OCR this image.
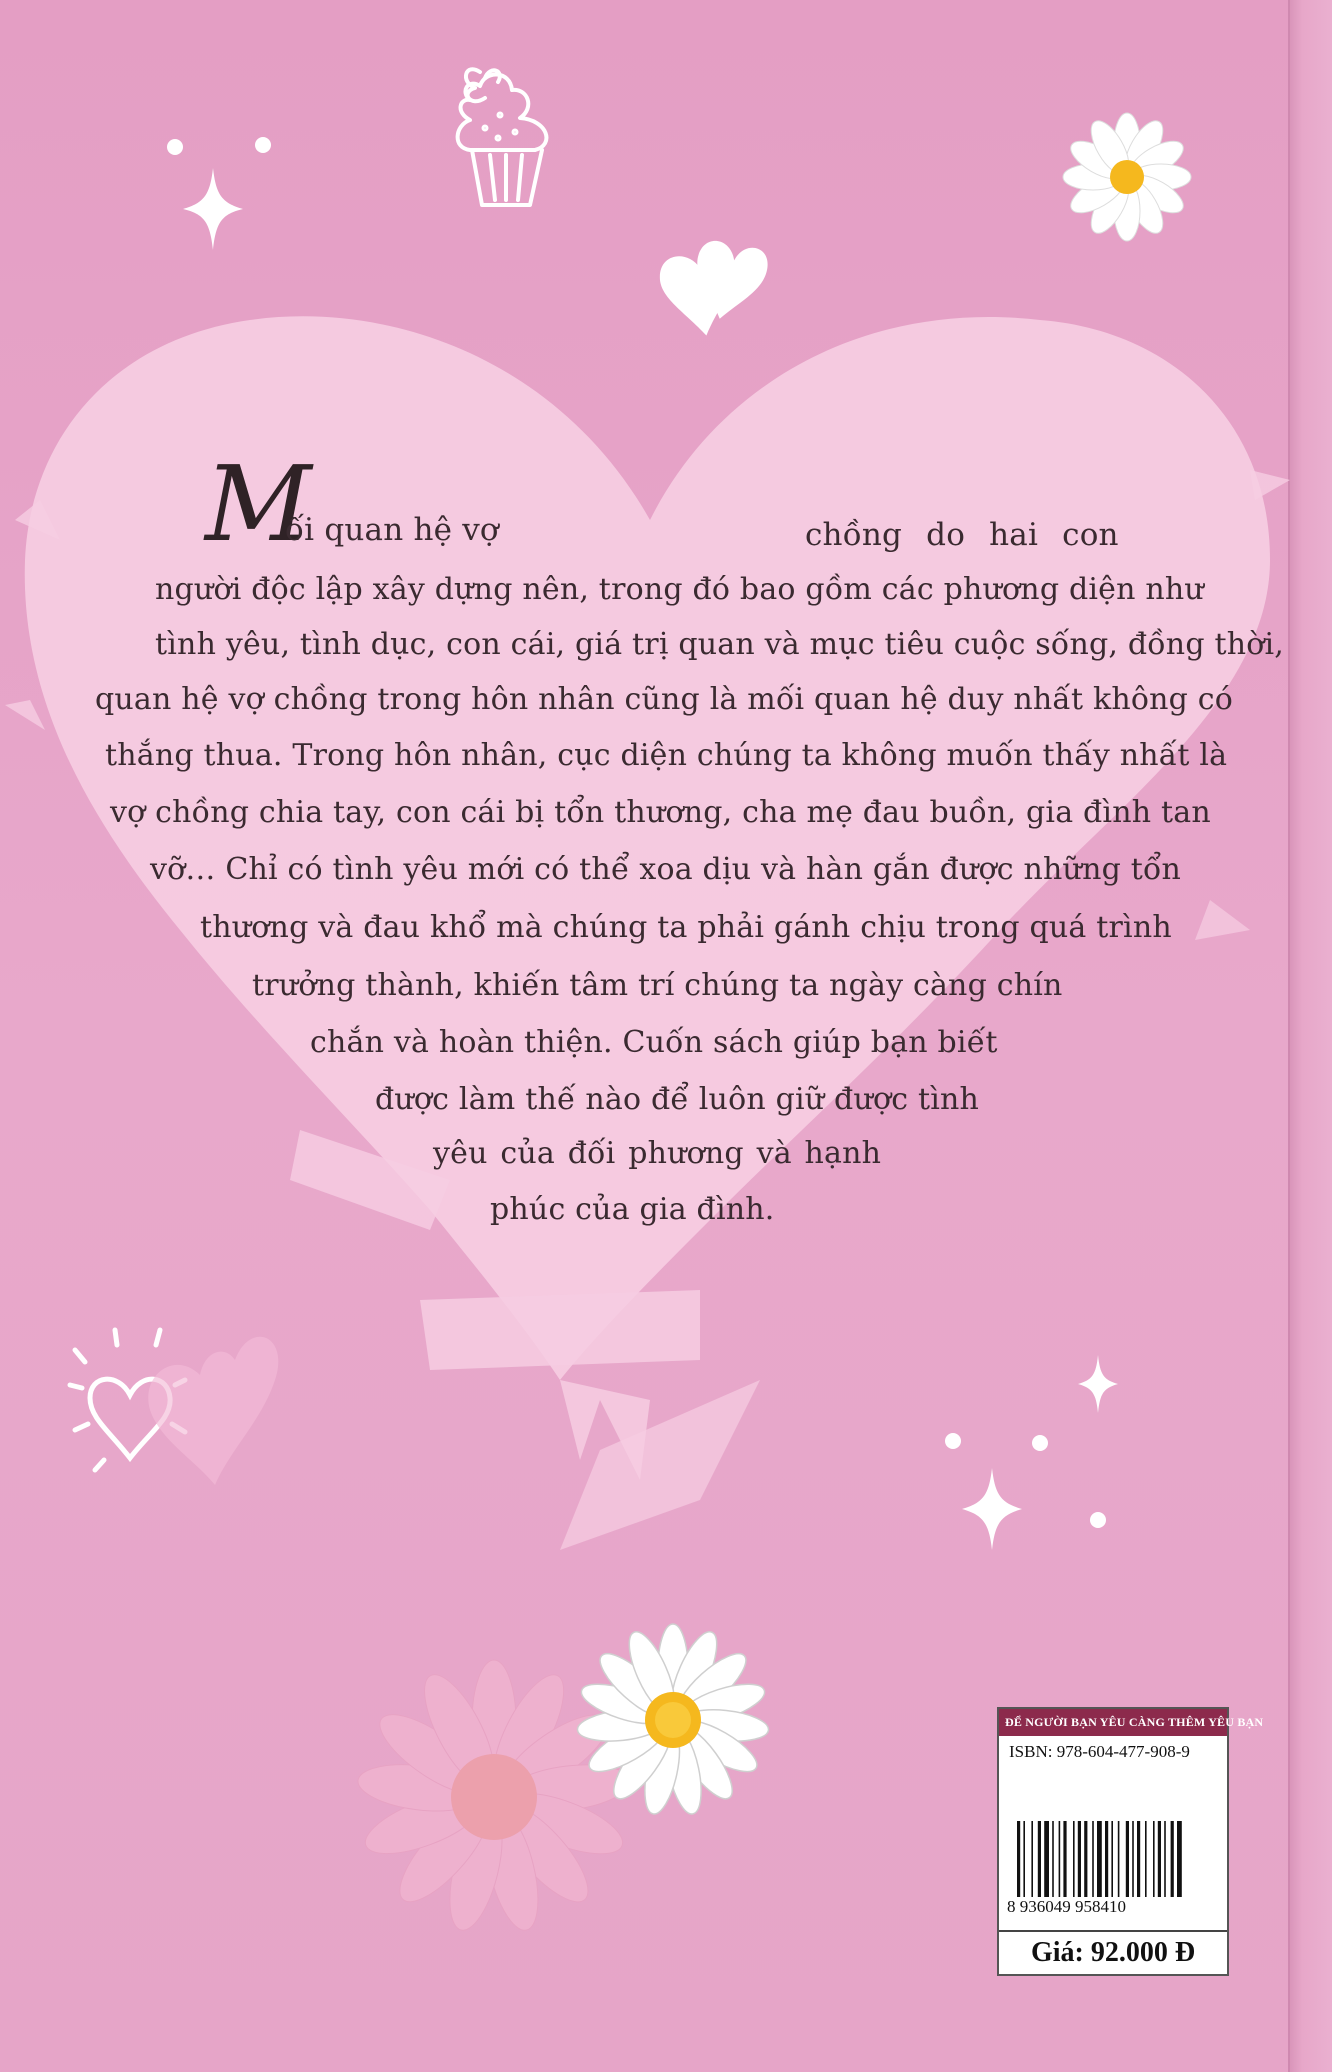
M
ối quan hệ vợ	chồng do hai con
người độc lập xây dựng nên, trong đó bao gồm các phương diện như
tình yêu, tình dục, con cái, giá trị quan và mục tiêu cuộc sống, đồng thời,
quan hệ vợ chồng trong hôn nhân cũng là mối quan hệ duy nhất không có
thắng thua. Trong hôn nhân, cục diện chúng ta không muốn thấy nhất là
vợ chồng chia tay, con cái bị tổn thương, cha mẹ đau buồn, gia đình tan
vỡ… Chỉ có tình yêu mới có thể xoa dịu và hàn gắn được những tổn
thương và đau khổ mà chúng ta phải gánh chịu trong quá trình
trưởng thành, khiến tâm trí chúng ta ngày càng chín
chắn và hoàn thiện. Cuốn sách giúp bạn biết
được làm thế nào để luôn giữ được tình
yêu của đối phương và hạnh
phúc của gia đình.
ĐỂ NGƯỜI BẠN YÊU CÀNG THÊM YÊU BẠN
ISBN: 978-604-477-908-9
8 936049 958410
Giá: 92.000 Đ
